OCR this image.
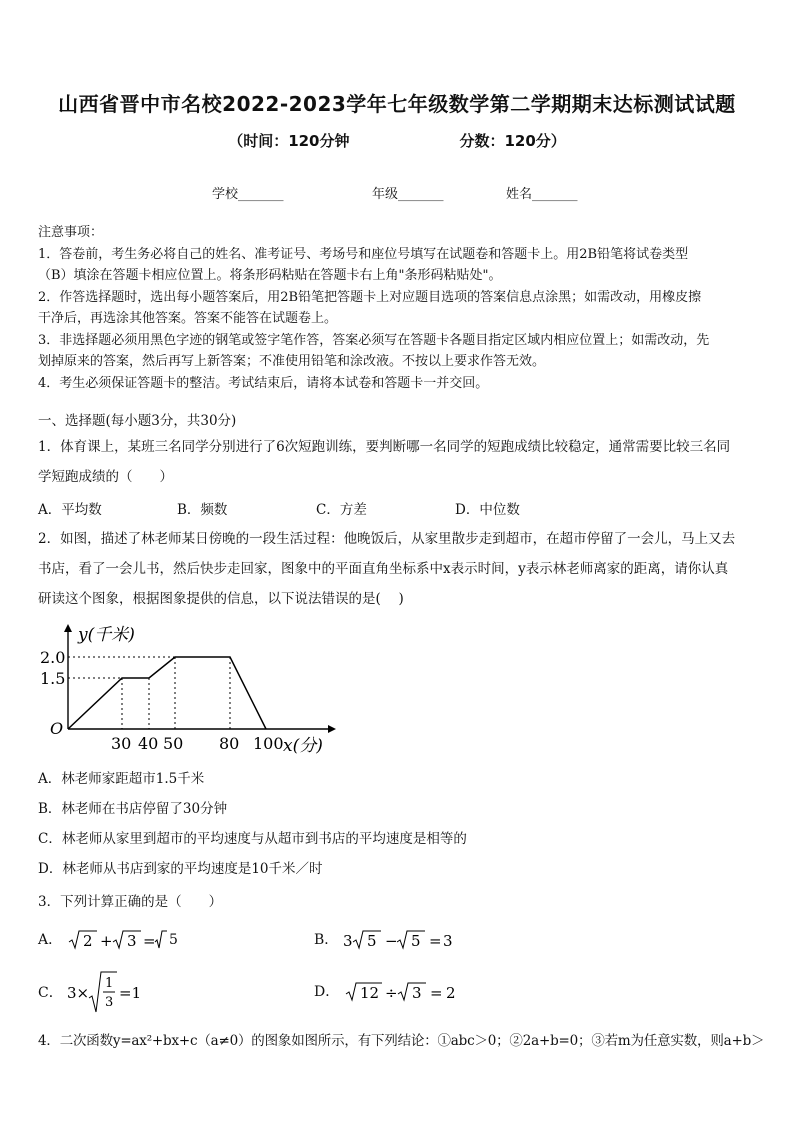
山西省晋中市名校2022-2023学年七年级数学第二学期期末达标测试试题
（时间：120分钟	分数：120分）
学校_______	年级_______	姓名_______

注意事项：

1．答卷前，考生务必将自己的姓名、准考证号、考场号和座位号填写在试题卷和答题卡上。用2B铅笔将试卷类型

（B）填涂在答题卡相应位置上。将条形码粘贴在答题卡右上角"条形码粘贴处"。

2．作答选择题时，选出每小题答案后，用2B铅笔把答题卡上对应题目选项的答案信息点涂黑；如需改动，用橡皮擦

干净后，再选涂其他答案。答案不能答在试题卷上。

3．非选择题必须用黑色字迹的钢笔或签字笔作答，答案必须写在答题卡各题目指定区域内相应位置上；如需改动，先

划掉原来的答案，然后再写上新答案；不准使用铅笔和涂改液。不按以上要求作答无效。

4．考生必须保证答题卡的整洁。考试结束后，请将本试卷和答题卡一并交回。

一、选择题(每小题3分，共30分)

1．体育课上，某班三名同学分别进行了6次短跑训练，要判断哪一名同学的短跑成绩比较稳定，通常需要比较三名同

学短跑成绩的（　　）

A．平均数	B．频数	C．方差	D．中位数

2．如图，描述了林老师某日傍晚的一段生活过程：他晚饭后，从家里散步走到超市，在超市停留了一会儿，马上又去

书店，看了一会儿书，然后快步走回家，图象中的平面直角坐标系中x表示时间，y表示林老师离家的距离，请你认真

研读这个图象，根据图象提供的信息，以下说法错误的是(　 )

y(千米)
2.0
1.5
O
30 40 50 80 100 x(分)

A．林老师家距超市1.5千米

B．林老师在书店停留了30分钟

C．林老师从家里到超市的平均速度与从超市到书店的平均速度是相等的

D．林老师从书店到家的平均速度是10千米／时

3．下列计算正确的是（　　）

A． 2 + 3 = 5	B． 3 5 − 5 = 3
C． 3×
1
3
=1	D． 12 ÷ 3 = 2

4．二次函数y=ax²+bx+c（a≠0）的图象如图所示，有下列结论：①abc＞0；②2a+b=0；③若m为任意实数，则a+b＞
